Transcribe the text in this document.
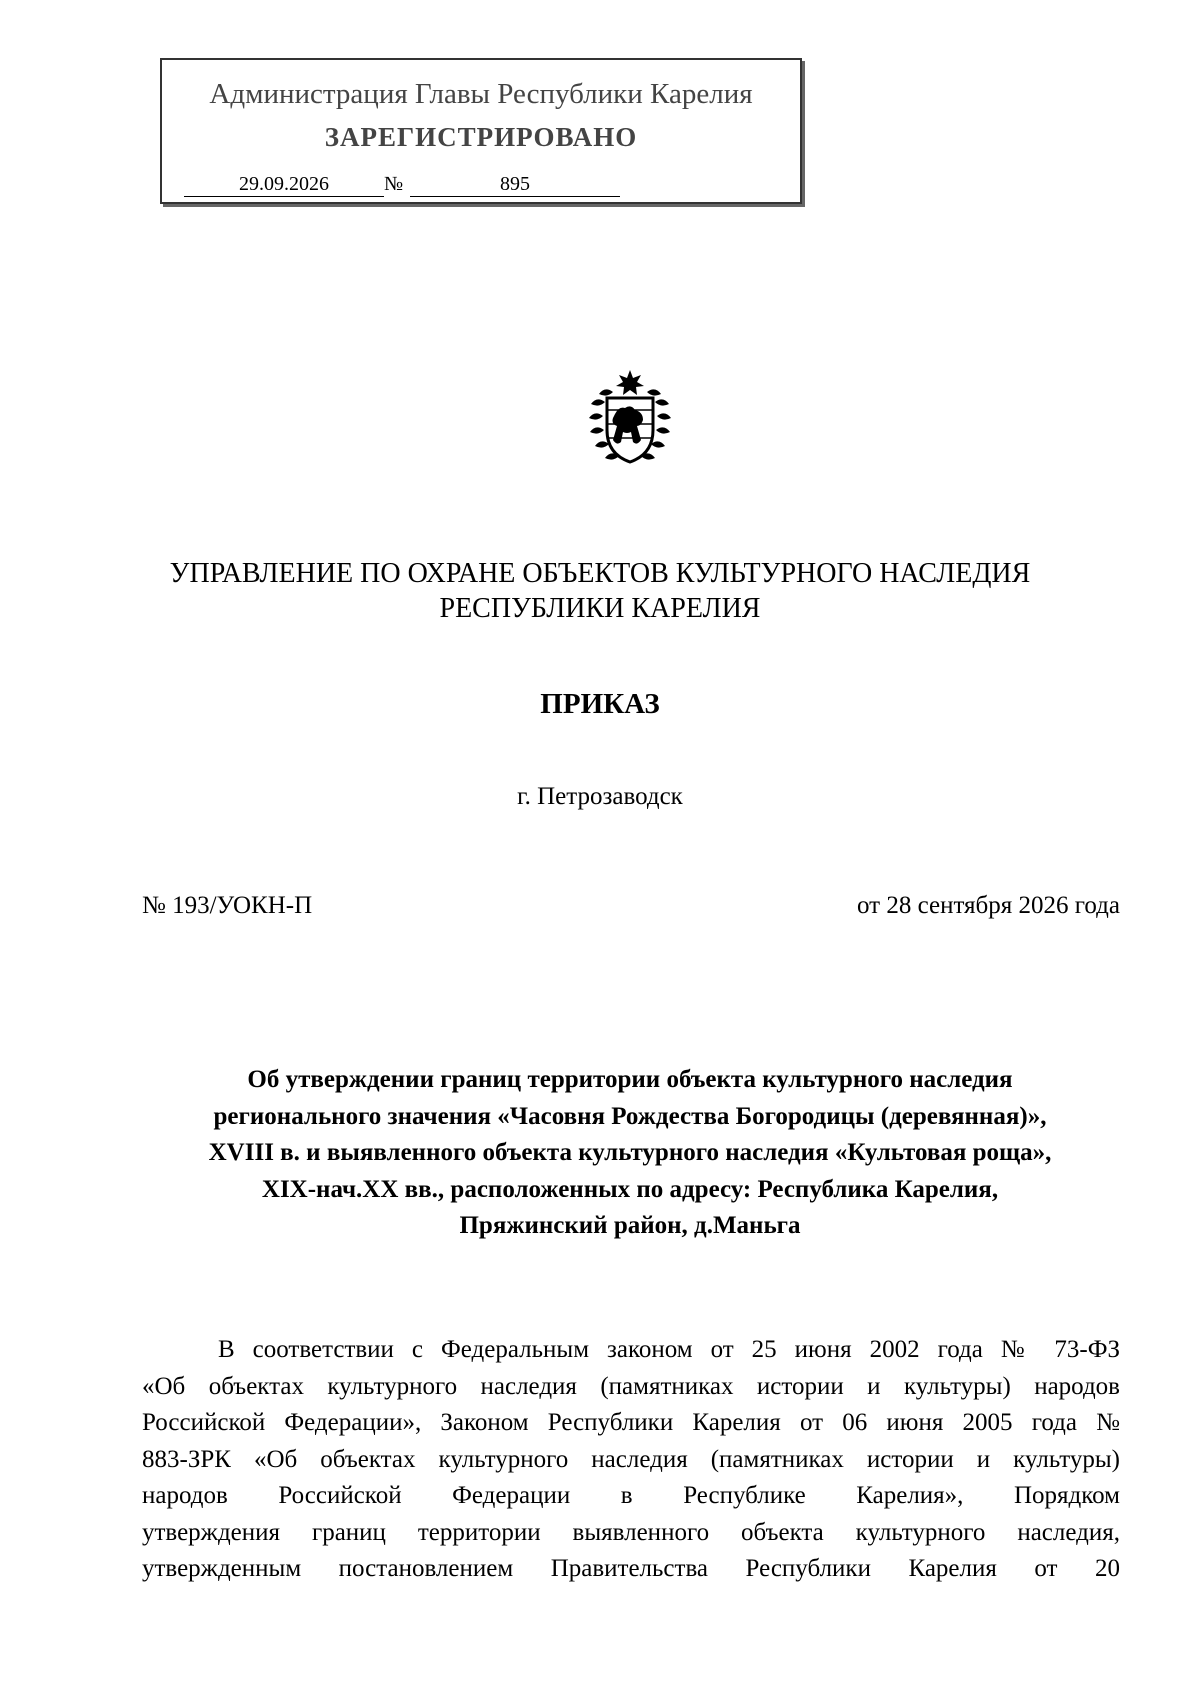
Администрация Главы Республики Карелия
ЗАРЕГИСТРИРОВАНО
29.09.2026	№	895
УПРАВЛЕНИЕ ПО ОХРАНЕ ОБЪЕКТОВ КУЛЬТУРНОГО НАСЛЕДИЯ
РЕСПУБЛИКИ КАРЕЛИЯ
ПРИКАЗ
г. Петрозаводск
№ 193/УОКН-П	от 28 сентября 2026 года
Об утверждении границ территории объекта культурного наследия
регионального значения «Часовня Рождества Богородицы (деревянная)»,
XVIII в. и выявленного объекта культурного наследия «Культовая роща»,
XIX-нач.XX вв., расположенных по адресу: Республика Карелия,
Пряжинский район, д.Маньга
В соответствии с Федеральным законом от 25 июня 2002 года № 73-ФЗ
«Об объектах культурного наследия (памятниках истории и культуры) народов
Российской Федерации», Законом Республики Карелия от 06 июня 2005 года №
883-ЗРК «Об объектах культурного наследия (памятниках истории и культуры)
народов Российской Федерации в Республике Карелия», Порядком
утверждения границ территории выявленного объекта культурного наследия,
утвержденным постановлением Правительства Республики Карелия от 20
